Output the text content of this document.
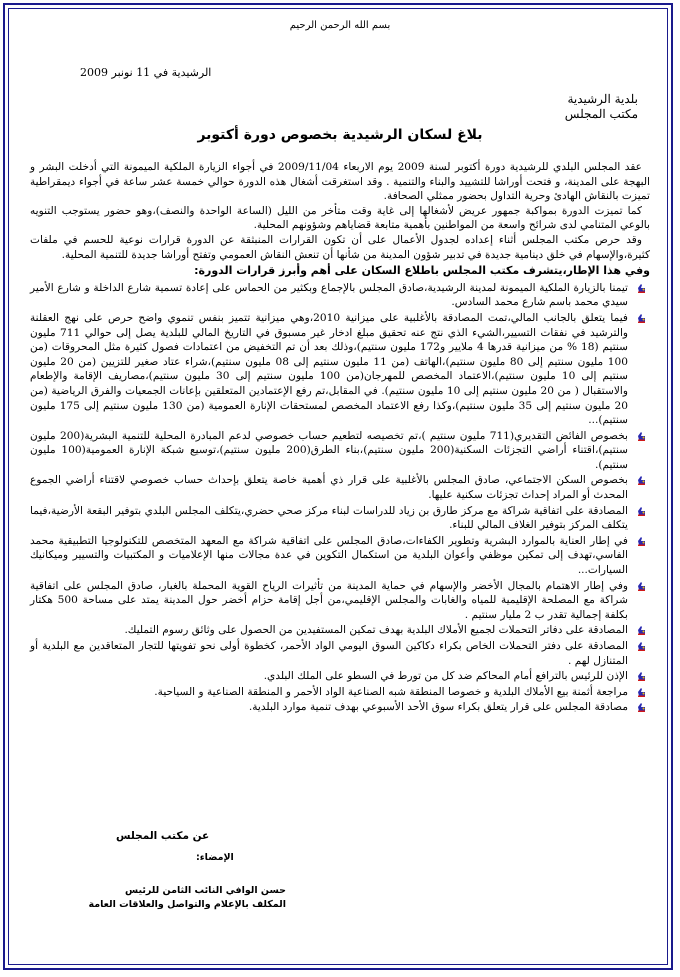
بسم الله الرحمن الرحيم
الرشيدية في 11 نونبر 2009
بلدية الرشيدية
مكتب المجلس
بلاغ لسكان الرشيدية بخصوص دورة أكتوبر

عقد المجلس البلدي للرشيدية دورة أكتوبر لسنة 2009 يوم الاربعاء 2009/11/04 في أجواء الزيارة الملكية الميمونة التي أدخلت البشر و البهجة على المدينة، و فتحت أوراشا للتشييد والبناء والتنمية . وقد استغرقت أشغال هذه الدورة حوالي خمسة عشر ساعة في أجواء ديمقراطية تميزت بالنقاش الهادئ وحرية التداول بحضور ممثلي الصحافة.

كما تميزت الدورة بمواكبة جمهور عريض لأشغالها إلى غاية وقت متأخر من الليل (الساعة الواحدة والنصف)،وهو حضور يستوجب التنويه بالوعي المتنامي لدى شرائح واسعة من المواطنين بأهمية متابعة قضاياهم وشؤونهم المحلية.

وقد حرص مكتب المجلس أثناء إعداده لجدول الأعمال على أن تكون القرارات المنبثقة عن الدورة قرارات نوعية للحسم في ملفات كثيرة،والإسهام في خلق دينامية جديدة في تدبير شؤون المدينة من شأنها أن تنعش النقاش العمومي وتفتح أوراشا جديدة للتنمية المحلية.

وفي هذا الإطار،يتشرف مكتب المجلس باطلاع السكان على أهم وأبرز قرارات الدورة:
تيمنا بالزيارة الملكية الميمونة لمدينة الرشيدية،صادق المجلس بالإجماع وبكثير من الحماس على إعادة تسمية شارع الداخلة و شارع الأمير سيدي محمد باسم شارع محمد السادس.
فيما يتعلق بالجانب المالي،تمت المصادقة بالأغلبية على ميزانية 2010،وهي ميزانية تتميز بنفس تنموي واضح حرص على نهج العقلنة والترشيد في نفقات التسيير،الشيء الذي نتج عنه تحقيق مبلغ ادخار غير مسبوق في التاريخ المالي للبلدية يصل إلى حوالي 711 مليون سنتيم (18 % من ميزانية قدرها 4 ملايير و172 مليون سنتيم)،وذلك بعد أن تم التخفيض من اعتمادات فصول كثيرة مثل المحروقات (من 100 مليون سنتيم إلى 80 مليون سنتيم)،الهاتف (من 11 مليون سنتيم إلى 08 مليون سنتيم)،شراء عتاد صغير للتزيين (من 20 مليون سنتيم إلى 10 مليون سنتيم)،الاعتماد المخصص للمهرجان(من 100 مليون سنتيم إلى 30 مليون سنتيم)،مصاريف الإقامة والإطعام والاستقبال ( من 20 مليون سنتيم إلى 10 مليون سنتيم). في المقابل،تم رفع الإعتمادين المتعلقين بإعانات الجمعيات والفرق الرياضية (من 20 مليون سنتيم إلى 35 مليون سنتيم)،وكذا رفع الاعتماد المخصص لمستحقات الإنارة العمومية (من 130 مليون سنتيم إلى 175 مليون سنتيم)...
بخصوص الفائض التقديري(711 مليون سنتيم )،تم تخصيصه لتطعيم حساب خصوصي لدعم المبادرة المحلية للتنمية البشرية(200 مليون سنتيم)،اقتناء أراضي التجزئات السكنية(200 مليون سنتيم)،بناء الطرق(200 مليون سنتيم)،توسيع شبكة الإنارة العمومية(100 مليون سنتيم).
بخصوص السكن الاجتماعي، صادق المجلس بالأغلبية على قرار ذي أهمية خاصة يتعلق بإحداث حساب خصوصي لاقتناء أراضي الجموع المحدث أو المراد إحداث تجزئات سكنية عليها.
المصادقة على اتفاقية شراكة مع مركز طارق بن زياد للدراسات لبناء مركز صحي حضري،يتكلف المجلس البلدي بتوفير البقعة الأرضية،فيما يتكلف المركز بتوفير الغلاف المالي للبناء.
في إطار العناية بالموارد البشرية وتطوير الكفاءات،صادق المجلس على اتفاقية شراكة مع المعهد المتخصص للتكنولوجيا التطبيقية محمد الفاسي،تهدف إلى تمكين موظفي وأعوان البلدية من استكمال التكوين في عدة مجالات منها الإعلاميات و المكتبيات والتسيير وميكانيك السيارات...
وفي إطار الاهتمام بالمجال الأخضر والإسهام في حماية المدينة من تأثيرات الرياح القوية المحملة بالغبار، صادق المجلس على اتفاقية شراكة مع المصلحة الإقليمية للمياه والغابات والمجلس الإقليمي،من أجل إقامة حزام أخضر حول المدينة يمتد على مساحة 500 هكتار بكلفة إجمالية تقدر ب 2 مليار سنتيم .
المصادقة على دفاتر التحملات لجميع الأملاك البلدية بهدف تمكين المستفيدين من الحصول على وثائق رسوم التمليك.
المصادقة على دفتر التحملات الخاص بكراء دكاكين السوق اليومي الواد الأحمر، كخطوة أولى نحو تفويتها للتجار المتعاقدين مع البلدية أو المتنازل لهم .
الإذن للرئيس بالترافع أمام المحاكم ضد كل من تورط في السطو على الملك البلدي.
مراجعة أثمنة بيع الأملاك البلدية و خصوصا المنطقة شبه الصناعية الواد الأحمر و المنطقة الصناعية و السياحية.
مصادقة المجلس على قرار يتعلق بكراء سوق الأحد الأسبوعي بهدف تنمية موارد البلدية.
عن مكتب المجلس
الإمضاء:
حسن الوافي النائب الثامن للرئيس
المكلف بالإعلام والتواصل والعلاقات العامة
